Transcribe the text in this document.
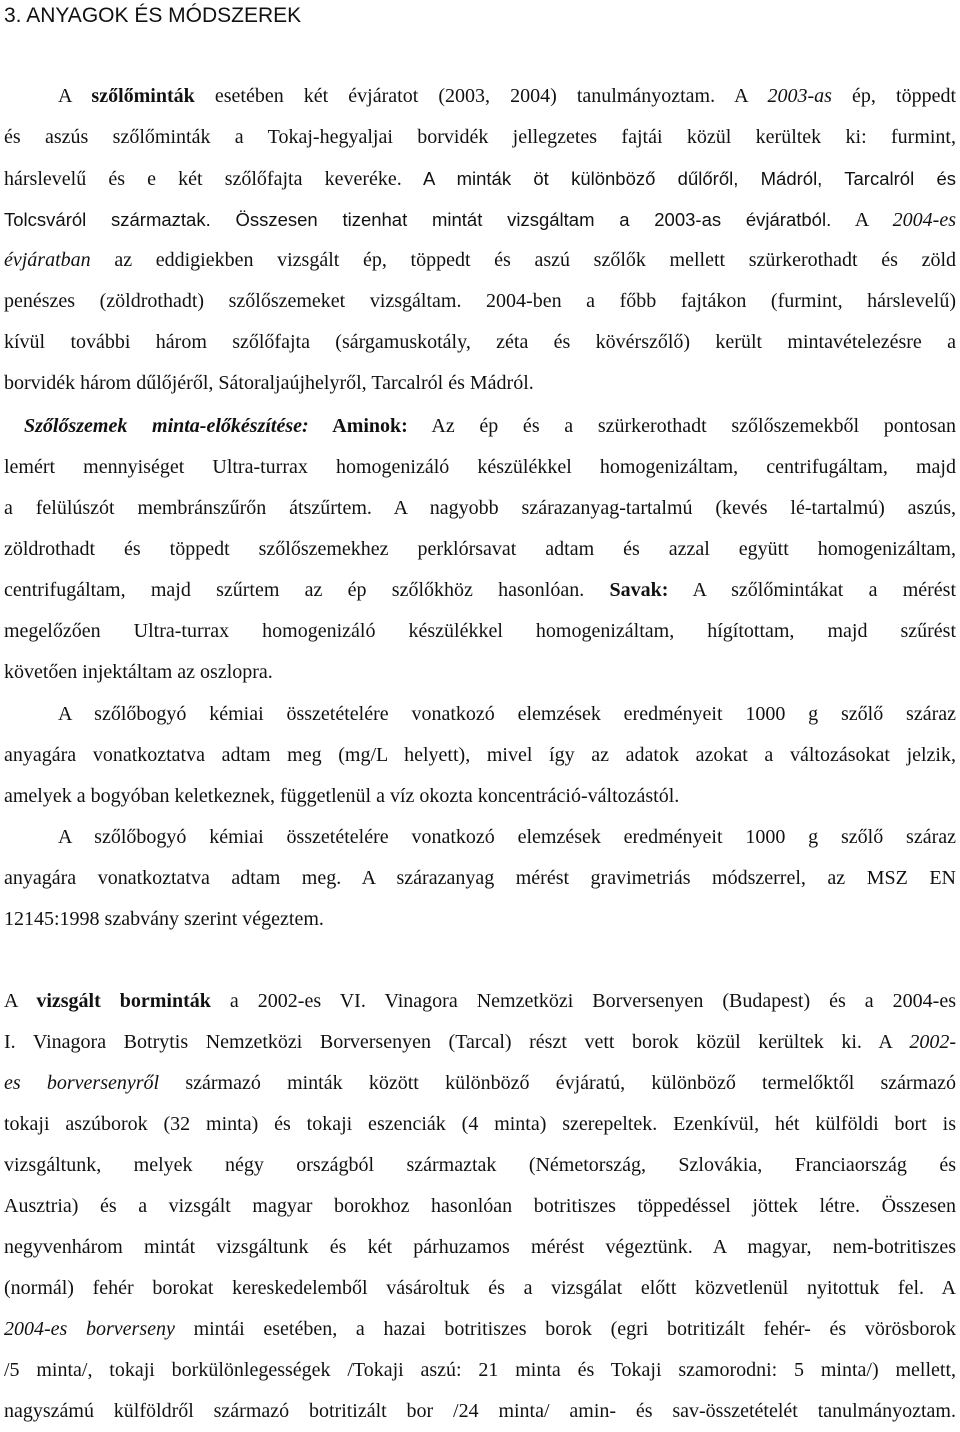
3. ANYAGOK ÉS MÓDSZEREK
A szőlőminták esetében két évjáratot (2003, 2004) tanulmányoztam. A 2003-as ép, töppedt
és aszús szőlőminták a Tokaj-hegyaljai borvidék jellegzetes fajtái közül kerültek ki: furmint,
hárslevelű és e két szőlőfajta keveréke. A minták öt különböző dűlőről, Mádról, Tarcalról és
Tolcsváról származtak. Összesen tizenhat mintát vizsgáltam a 2003-as évjáratból. A 2004-es
évjáratban az eddigiekben vizsgált ép, töppedt és aszú szőlők mellett szürkerothadt és zöld
penészes (zöldrothadt) szőlőszemeket vizsgáltam. 2004-ben a főbb fajtákon (furmint, hárslevelű)
kívül további három szőlőfajta (sárgamuskotály, zéta és kövérszőlő) került mintavételezésre a
borvidék három dűlőjéről, Sátoraljaújhelyről, Tarcalról és Mádról.
Szőlőszemek minta-előkészítése: Aminok: Az ép és a szürkerothadt szőlőszemekből pontosan
lemért mennyiséget Ultra-turrax homogenizáló készülékkel homogenizáltam, centrifugáltam, majd
a felülúszót membránszűrőn átszűrtem. A nagyobb szárazanyag-tartalmú (kevés lé-tartalmú) aszús,
zöldrothadt és töppedt szőlőszemekhez perklórsavat adtam és azzal együtt homogenizáltam,
centrifugáltam, majd szűrtem az ép szőlőkhöz hasonlóan. Savak: A szőlőmintákat a mérést
megelőzően Ultra-turrax homogenizáló készülékkel homogenizáltam, hígítottam, majd szűrést
követően injektáltam az oszlopra.
A szőlőbogyó kémiai összetételére vonatkozó elemzések eredményeit 1000 g szőlő száraz
anyagára vonatkoztatva adtam meg (mg/L helyett), mivel így az adatok azokat a változásokat jelzik,
amelyek a bogyóban keletkeznek, függetlenül a víz okozta koncentráció-változástól.
A szőlőbogyó kémiai összetételére vonatkozó elemzések eredményeit 1000 g szőlő száraz
anyagára vonatkoztatva adtam meg. A szárazanyag mérést gravimetriás módszerrel, az MSZ EN
12145:1998 szabvány szerint végeztem.
A vizsgált borminták a 2002-es VI. Vinagora Nemzetközi Borversenyen (Budapest) és a 2004-es
I. Vinagora Botrytis Nemzetközi Borversenyen (Tarcal) részt vett borok közül kerültek ki. A 2002-
es borversenyről származó minták között különböző évjáratú, különböző termelőktől származó
tokaji aszúborok (32 minta) és tokaji eszenciák (4 minta) szerepeltek. Ezenkívül, hét külföldi bort is
vizsgáltunk, melyek négy országból származtak (Németország, Szlovákia, Franciaország és
Ausztria) és a vizsgált magyar borokhoz hasonlóan botritiszes töppedéssel jöttek létre. Összesen
negyvenhárom mintát vizsgáltunk és két párhuzamos mérést végeztünk. A magyar, nem-botritiszes
(normál) fehér borokat kereskedelemből vásároltuk és a vizsgálat előtt közvetlenül nyitottuk fel. A
2004-es borverseny mintái esetében, a hazai botritiszes borok (egri botritizált fehér- és vörösborok
/5 minta/, tokaji borkülönlegességek /Tokaji aszú: 21 minta és Tokaji szamorodni: 5 minta/) mellett,
nagyszámú külföldről származó botritizált bor /24 minta/ amin- és sav-összetételét tanulmányoztam.
